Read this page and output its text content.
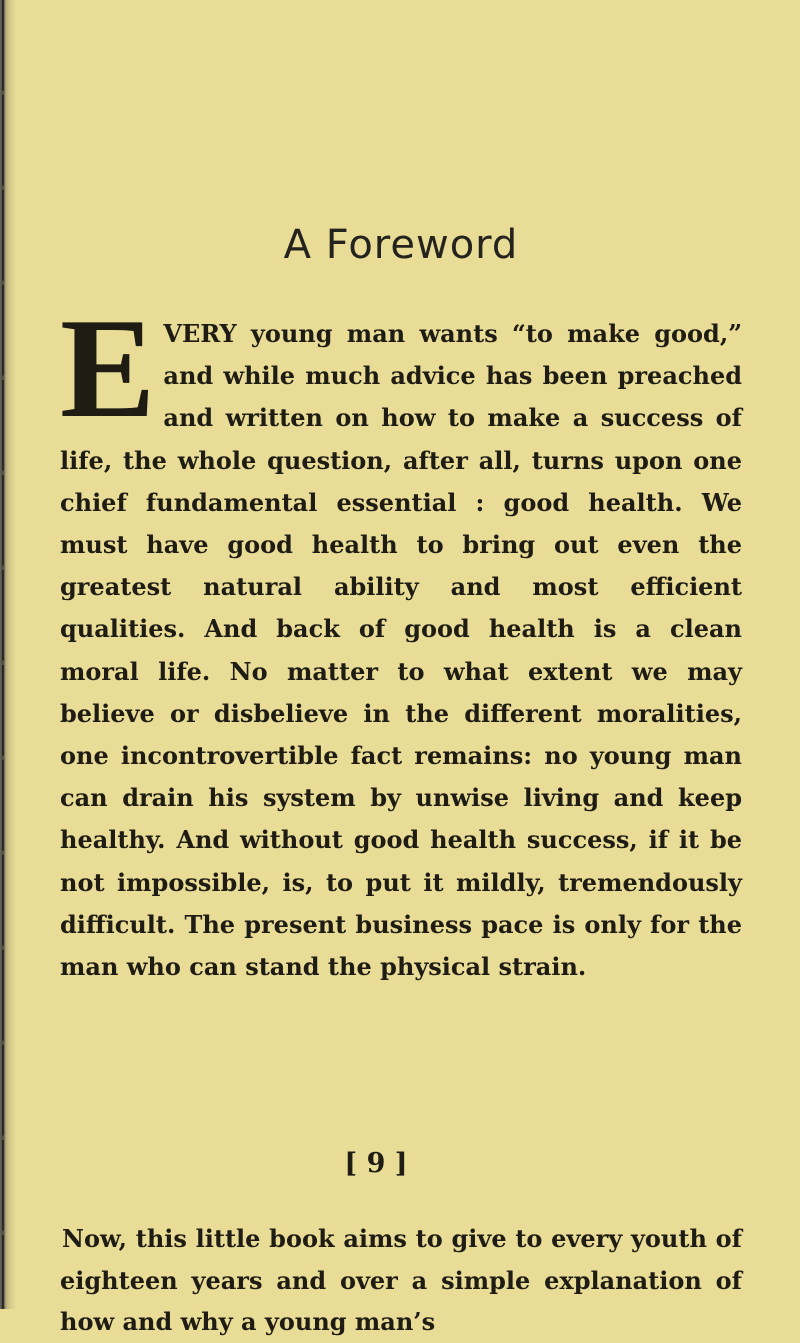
A Foreword

EVERY young man wants “to make good,” and while much advice has been preached and written on how to make a success of life, the whole question, after all, turns upon one chief fundamental essential : good health. We must have good health to bring out even the greatest natural ability and most efficient qualities. And back of good health is a clean moral life. No matter to what extent we may believe or disbelieve in the different moralities, one incontrovertible fact remains: no young man can drain his system by unwise living and keep healthy. And without good health success, if it be not impossible, is, to put it mildly, tremendously difficult. The present business pace is only for the man who can stand the physical strain.

Now, this little book aims to give to every youth of eighteen years and over a simple explanation of how and why a young man’s

[ 9 ]
